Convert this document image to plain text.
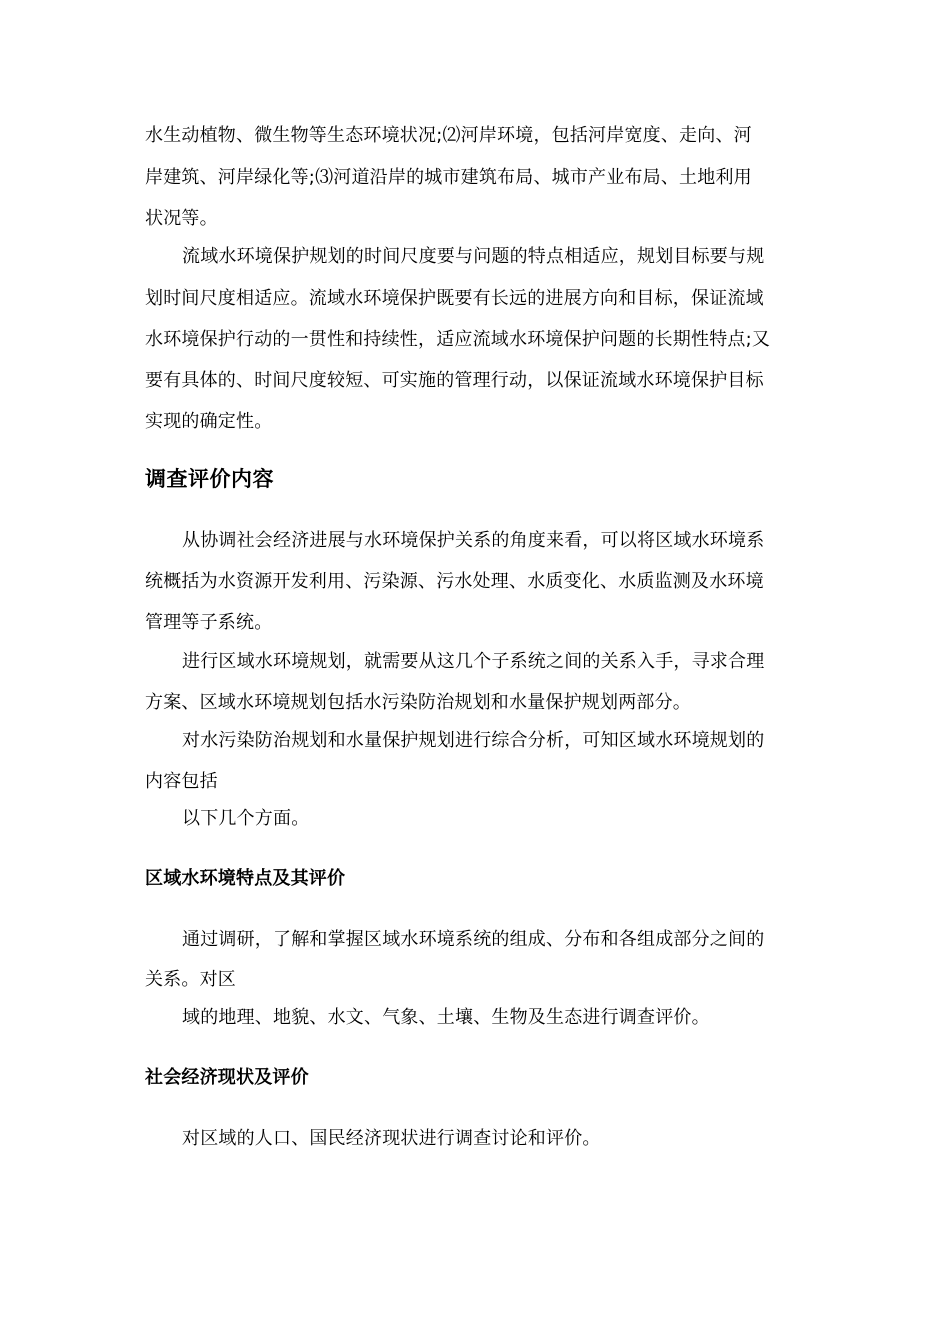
水生动植物、微生物等生态环境状况;⑵河岸环境，包括河岸宽度、走向、河
岸建筑、河岸绿化等;⑶河道沿岸的城市建筑布局、城市产业布局、土地利用
状况等。
流域水环境保护规划的时间尺度要与问题的特点相适应，规划目标要与规
划时间尺度相适应。流域水环境保护既要有长远的进展方向和目标，保证流域
水环境保护行动的一贯性和持续性，适应流域水环境保护问题的长期性特点;又
要有具体的、时间尺度较短、可实施的管理行动，以保证流域水环境保护目标
实现的确定性。
调查评价内容
从协调社会经济进展与水环境保护关系的角度来看，可以将区域水环境系
统概括为水资源开发利用、污染源、污水处理、水质变化、水质监测及水环境
管理等子系统。
进行区域水环境规划，就需要从这几个子系统之间的关系入手，寻求合理
方案、区域水环境规划包括水污染防治规划和水量保护规划两部分。
对水污染防治规划和水量保护规划进行综合分析，可知区域水环境规划的
内容包括
以下几个方面。
区域水环境特点及其评价
通过调研，了解和掌握区域水环境系统的组成、分布和各组成部分之间的
关系。对区
域的地理、地貌、水文、气象、土壤、生物及生态进行调查评价。
社会经济现状及评价
对区域的人口、国民经济现状进行调查讨论和评价。
